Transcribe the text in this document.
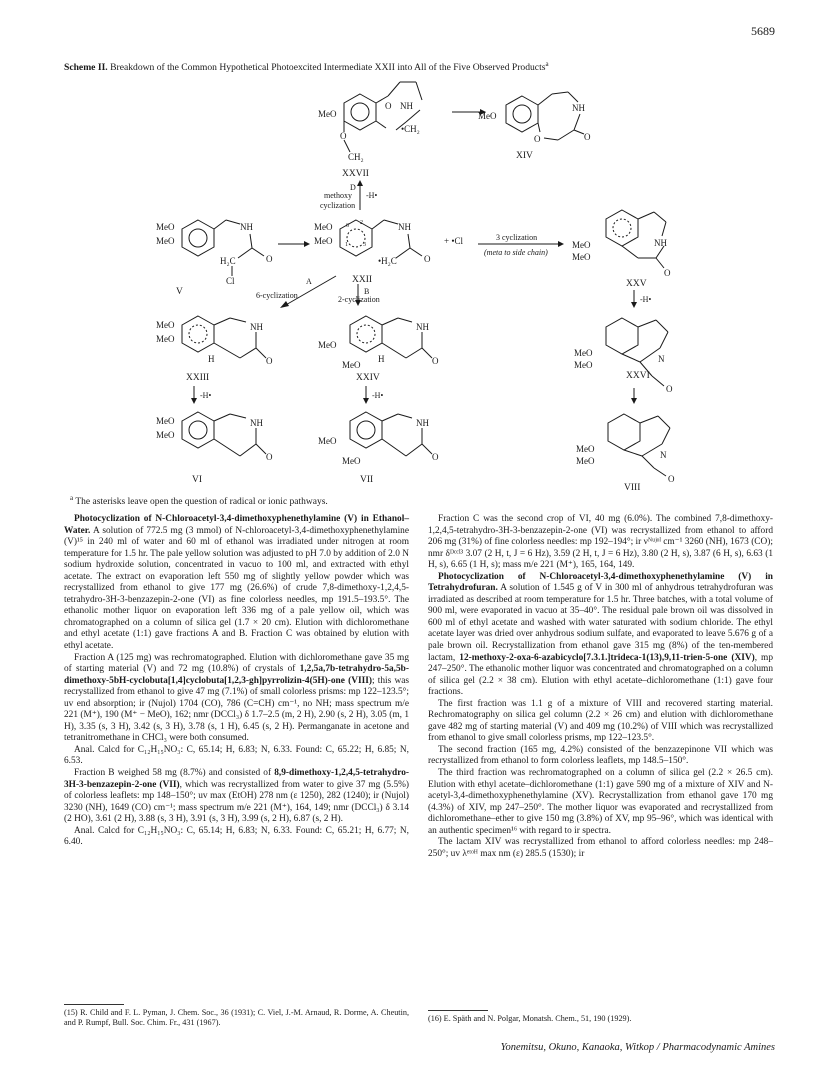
5689
Scheme II. Breakdown of the Common Hypothetical Photoexcited Intermediate XXII into All of the Five Observed Products$^a$
MeO
NH
O
•CH₂
O
CH₂
XXVII
MeO
NH
O
O
XIV
D
methoxy
cyclization
-H•
MeO
MeO
NH
O
H₂C
Cl
V
2
3
1
6
MeO
MeO
NH
O
•H₂C
XXII
+ •Cl	3 cyclization
(meta to side chain)
MeO
MeO
NH
O
XXV
-H•
MeO
MeO
N
O
XXVI
MeO
MeO
N
O
VIII
A
6-cyclization	B
2-cyclization
MeO
MeO
NH
O
H
XXIII
-H•
MeO
MeO
NH
O
H
XXIV
-H•
MeO
MeO
NH
O
VI
MeO
MeO
NH
O
VII
$^a$ The asterisks leave open the question of radical or ionic pathways.

Photocyclization of N-Chloroacetyl-3,4-dimethoxyphenethylamine (V) in Ethanol–Water. A solution of 772.5 mg (3 mmol) of N-chloroacetyl-3,4-dimethoxyphenethylamine (V)¹⁵ in 240 ml of water and 60 ml of ethanol was irradiated under nitrogen at room temperature for 1.5 hr. The pale yellow solution was adjusted to pH 7.0 by addition of 2.0 N sodium hydroxide solution, concentrated in vacuo to 100 ml, and extracted with ethyl acetate. The extract on evaporation left 550 mg of slightly yellow powder which was recrystallized from ethanol to give 177 mg (26.6%) of crude 7,8-dimethoxy-1,2,4,5-tetrahydro-3H-3-benzazepin-2-one (VI) as fine colorless needles, mp 191.5–193.5°. The ethanolic mother liquor on evaporation left 336 mg of a pale yellow oil, which was chromatographed on a column of silica gel (1.7 × 20 cm). Elution with dichloromethane and ethyl acetate (1:1) gave fractions A and B. Fraction C was obtained by elution with ethyl acetate.

Fraction A (125 mg) was rechromatographed. Elution with dichloromethane gave 35 mg of starting material (V) and 72 mg (10.8%) of crystals of 1,2,5a,7b-tetrahydro-5a,5b-dimethoxy-5bH-cyclobuta[1,4]cyclobuta[1,2,3-gh]pyrrolizin-4(5H)-one (VIII); this was recrystallized from ethanol to give 47 mg (7.1%) of small colorless prisms: mp 122–123.5°; uv end absorption; ir (Nujol) 1704 (CO), 786 (C=CH) cm⁻¹, no NH; mass spectrum m/e 221 (M⁺), 190 (M⁺ − MeO), 162; nmr (DCCl₃) δ 1.7–2.5 (m, 2 H), 2.90 (s, 2 H), 3.05 (m, 1 H), 3.35 (s, 3 H), 3.42 (s, 3 H), 3.78 (s, 1 H), 6.45 (s, 2 H). Permanganate in acetone and tetranitromethane in CHCl₃ were both consumed.

Anal. Calcd for C₁₂H₁₅NO₃: C, 65.14; H, 6.83; N, 6.33. Found: C, 65.22; H, 6.85; N, 6.53.

Fraction B weighed 58 mg (8.7%) and consisted of 8,9-dimethoxy-1,2,4,5-tetrahydro-3H-3-benzazepin-2-one (VII), which was recrystallized from water to give 37 mg (5.5%) of colorless leaflets: mp 148–150°; uv max (EtOH) 278 nm (ε 1250), 282 (1240); ir (Nujol) 3230 (NH), 1649 (CO) cm⁻¹; mass spectrum m/e 221 (M⁺), 164, 149; nmr (DCCl₃) δ 3.14 (2 HO), 3.61 (2 H), 3.88 (s, 3 H), 3.91 (s, 3 H), 3.99 (s, 2 H), 6.87 (s, 2 H).

Anal. Calcd for C₁₂H₁₅NO₃: C, 65.14; H, 6.83; N, 6.33. Found: C, 65.21; H, 6.77; N, 6.40.

(15) R. Child and F. L. Pyman, J. Chem. Soc., 36 (1931); C. Viel, J.-M. Arnaud, R. Dorme, A. Cheutin, and P. Rumpf, Bull. Soc. Chim. Fr., 431 (1967).

Fraction C was the second crop of VI, 40 mg (6.0%). The combined 7,8-dimethoxy-1,2,4,5-tetrahydro-3H-3-benzazepin-2-one (VI) was recrystallized from ethanol to afford 206 mg (31%) of fine colorless needles: mp 192–194°; ir νᴺᵘʲᵒˡ cm⁻¹ 3260 (NH), 1673 (CO); nmr δᴰᶜᶜˡ³ 3.07 (2 H, t, J = 6 Hz), 3.59 (2 H, t, J = 6 Hz), 3.80 (2 H, s), 3.87 (6 H, s), 6.63 (1 H, s), 6.65 (1 H, s); mass m/e 221 (M⁺), 165, 164, 149.

Photocyclization of N-Chloroacetyl-3,4-dimethoxyphenethylamine (V) in Tetrahydrofuran. A solution of 1.545 g of V in 300 ml of anhydrous tetrahydrofuran was irradiated as described at room temperature for 1.5 hr. Three batches, with a total volume of 900 ml, were evaporated in vacuo at 35–40°. The residual pale brown oil was dissolved in 600 ml of ethyl acetate and washed with water saturated with sodium chloride. The ethyl acetate layer was dried over anhydrous sodium sulfate, and evaporated to leave 5.676 g of a pale brown oil. Recrystallization from ethanol gave 315 mg (8%) of the ten-membered lactam, 12-methoxy-2-oxa-6-azabicyclo[7.3.1.]trideca-1(13),9,11-trien-5-one (XIV), mp 247–250°. The ethanolic mother liquor was concentrated and chromatographed on a column of silica gel (2.2 × 38 cm). Elution with ethyl acetate–dichloromethane (1:1) gave four fractions.

The first fraction was 1.1 g of a mixture of VIII and recovered starting material. Rechromatography on silica gel column (2.2 × 26 cm) and elution with dichloromethane gave 482 mg of starting material (V) and 409 mg (10.2%) of VIII which was recrystallized from ethanol to give small colorless prisms, mp 122–123.5°.

The second fraction (165 mg, 4.2%) consisted of the benzazepinone VII which was recrystallized from ethanol to form colorless leaflets, mp 148.5–150°.

The third fraction was rechromatographed on a column of silica gel (2.2 × 26.5 cm). Elution with ethyl acetate–dichloromethane (1:1) gave 590 mg of a mixture of XIV and N-acetyl-3,4-dimethoxyphenethylamine (XV). Recrystallization from ethanol gave 170 mg (4.3%) of XIV, mp 247–250°. The mother liquor was evaporated and recrystallized from dichloromethane–ether to give 150 mg (3.8%) of XV, mp 95–96°, which was identical with an authentic specimen¹⁶ with regard to ir spectra.

The lactam XIV was recrystallized from ethanol to afford colorless needles: mp 248–250°; uv λᵉᵗᵒᴴ max nm (ε) 285.5 (1530); ir

(16) E. Späth and N. Polgar, Monatsh. Chem., 51, 190 (1929).
Yonemitsu, Okuno, Kanaoka, Witkop / Pharmacodynamic Amines
